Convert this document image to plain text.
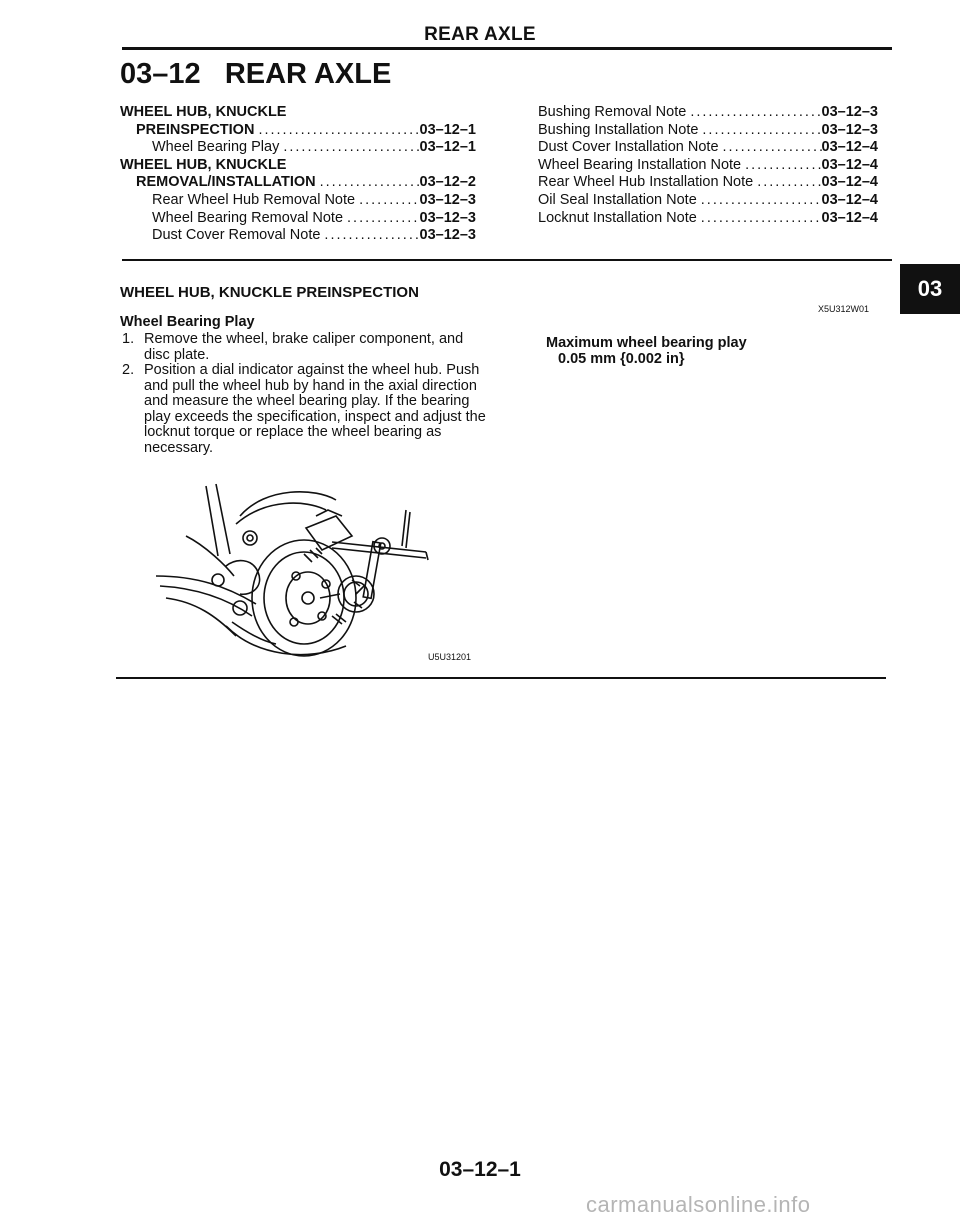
REAR AXLE
03–12   REAR AXLE
WHEEL HUB, KNUCKLE
PREINSPECTION .....	03–12–1
Wheel Bearing Play .....	03–12–1
WHEEL HUB, KNUCKLE
REMOVAL/INSTALLATION .....	03–12–2
Rear Wheel Hub Removal Note .....	03–12–3
Wheel Bearing Removal Note .....	03–12–3
Dust Cover Removal Note .....	03–12–3
Bushing Removal Note .....	03–12–3
Bushing Installation Note .....	03–12–3
Dust Cover Installation Note .....	03–12–4
Wheel Bearing Installation Note .....	03–12–4
Rear Wheel Hub Installation Note .....	03–12–4
Oil Seal Installation Note .....	03–12–4
Locknut Installation Note .....	03–12–4
WHEEL HUB, KNUCKLE PREINSPECTION	03
X5U312W01
Wheel Bearing Play
1. Remove the wheel, brake caliper component, and disc plate.
2. Position a dial indicator against the wheel hub. Push and pull the wheel hub by hand in the axial direction and measure the wheel bearing play. If the bearing play exceeds the specification, inspect and adjust the locknut torque or replace the wheel bearing as necessary.
Maximum wheel bearing play
0.05 mm {0.002 in}
U5U31201
03–12–1
carmanualsonline.info
